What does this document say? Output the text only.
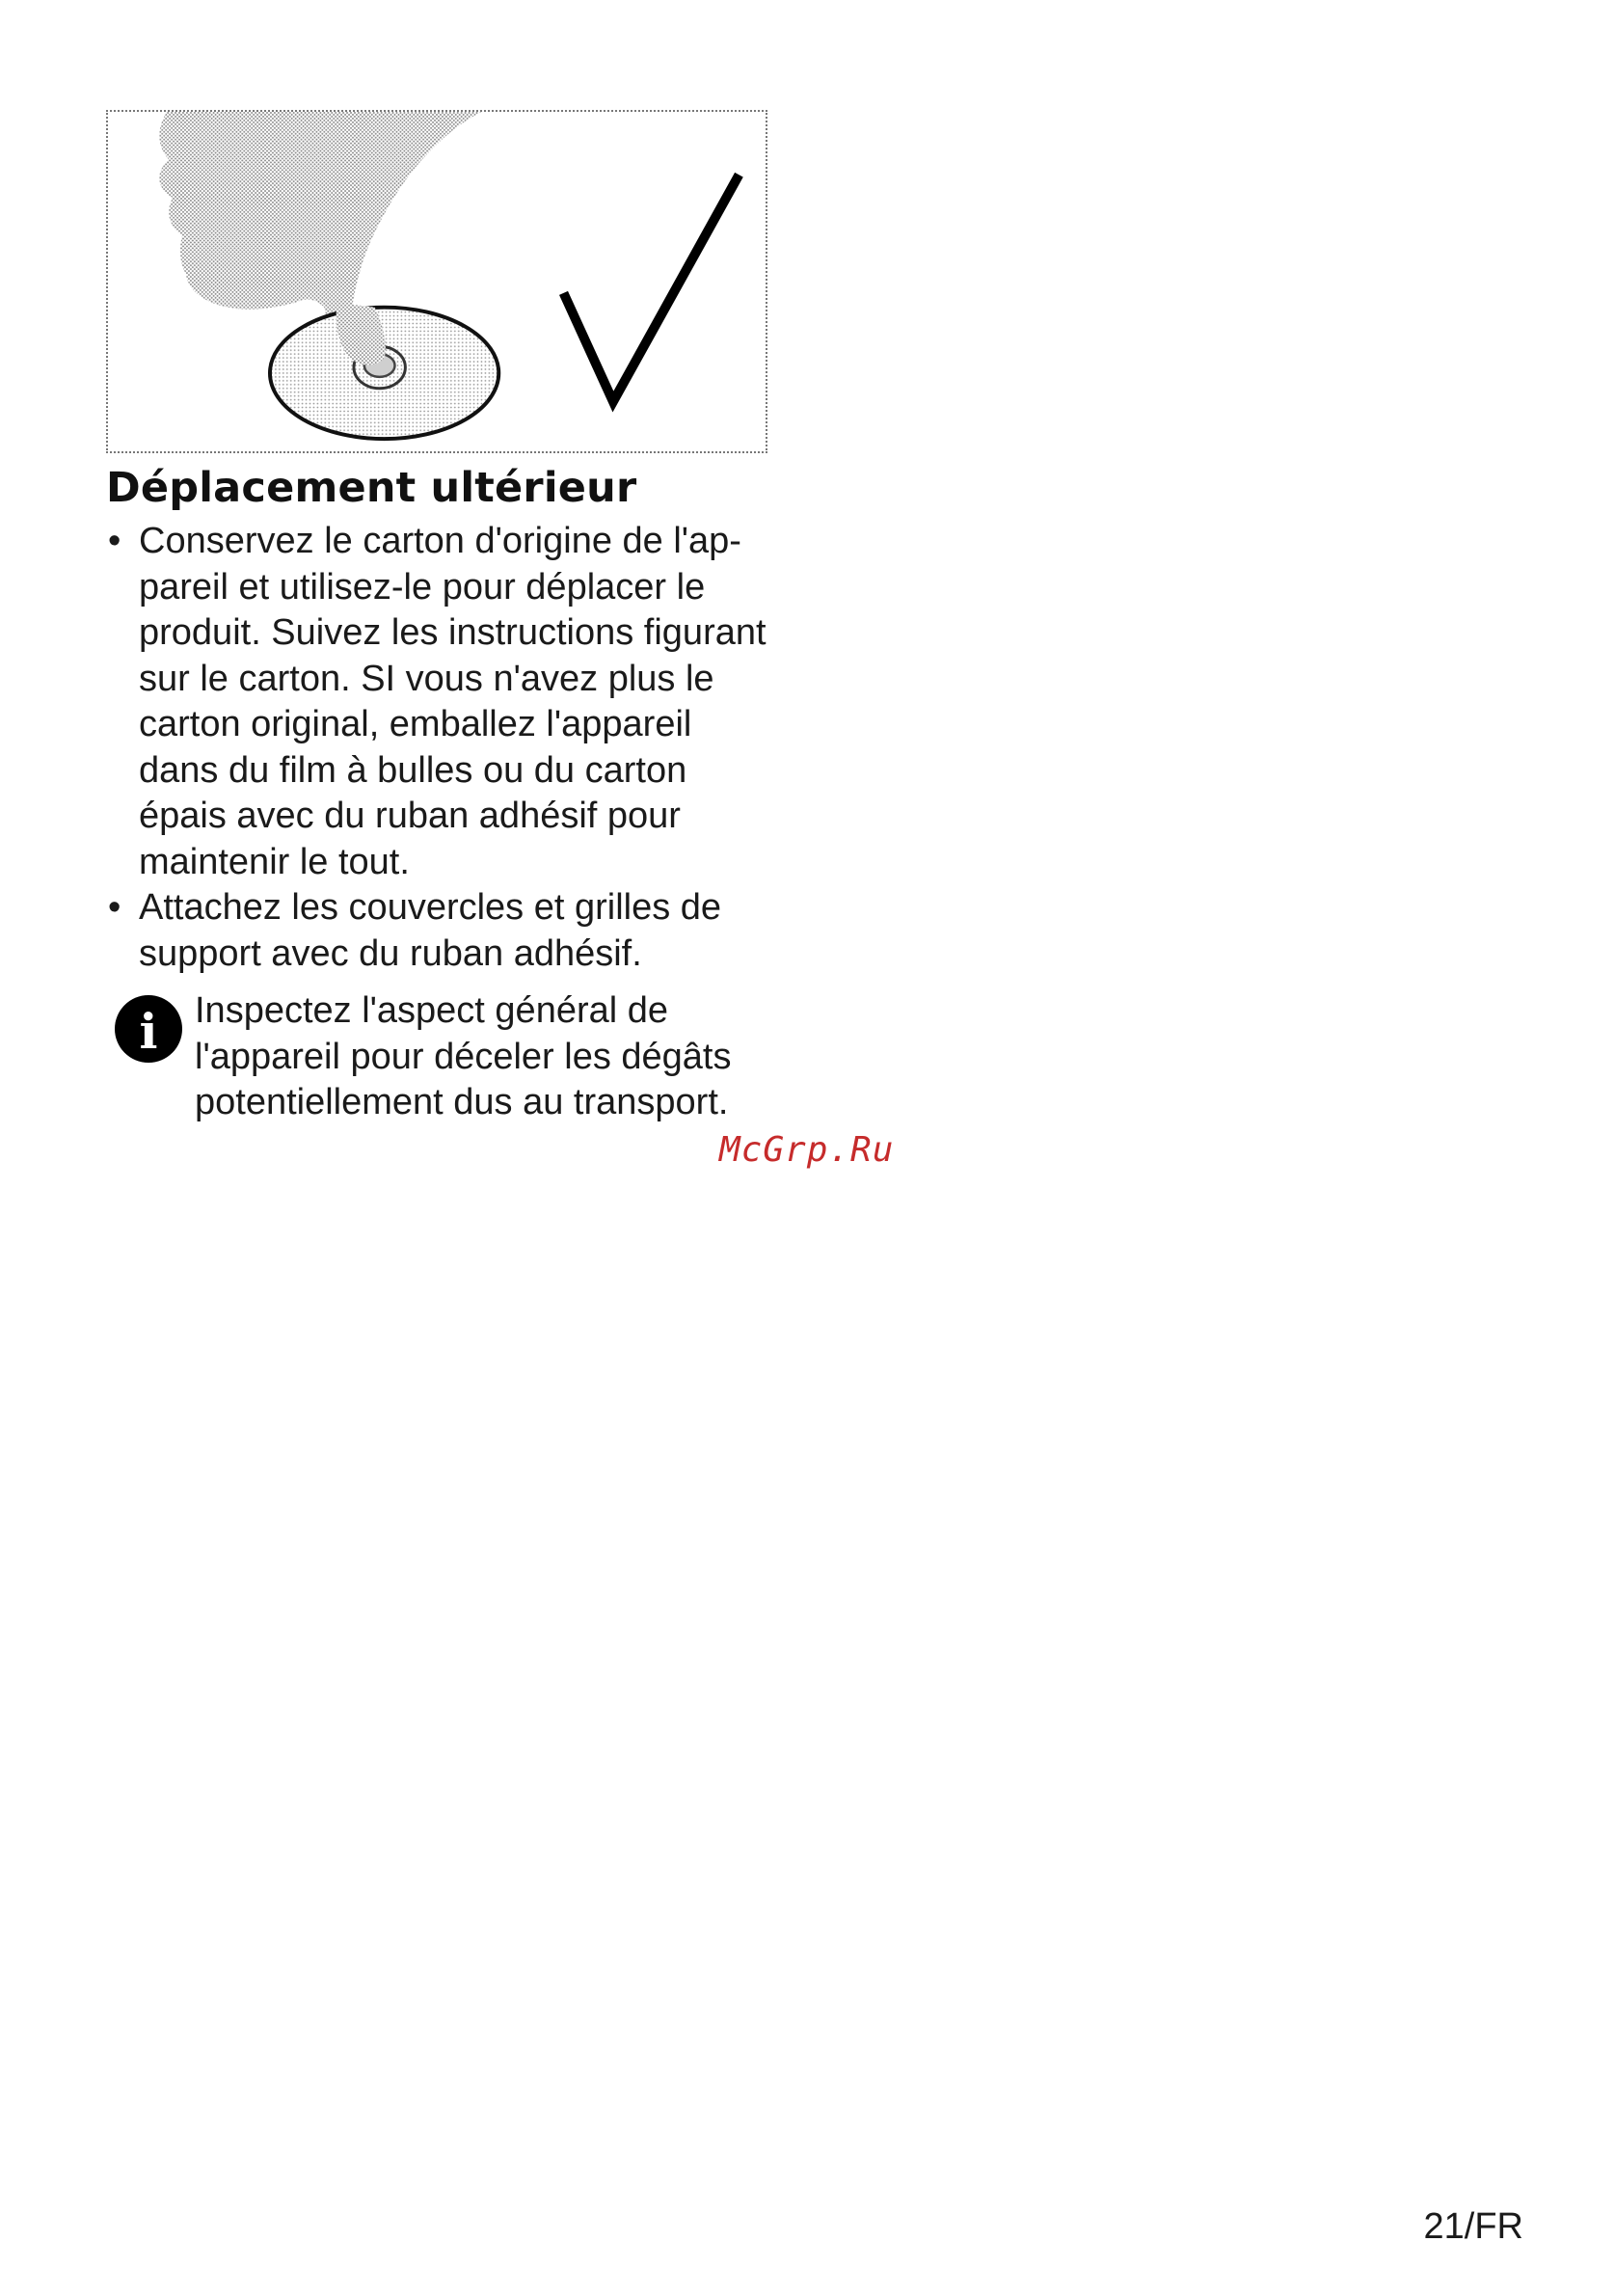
Déplacement ultérieur
• Conservez le carton d'origine de l'ap-
pareil et utilisez-le pour déplacer le
produit. Suivez les instructions figurant
sur le carton. SI vous n'avez plus le
carton original, emballez l'appareil
dans du film à bulles ou du carton
épais avec du ruban adhésif pour
maintenir le tout.
• Attachez les couvercles et grilles de
support avec du ruban adhésif.
i Inspectez l'aspect général de
l'appareil pour déceler les dégâts
potentiellement dus au transport.
McGrp.Ru
21/FR
